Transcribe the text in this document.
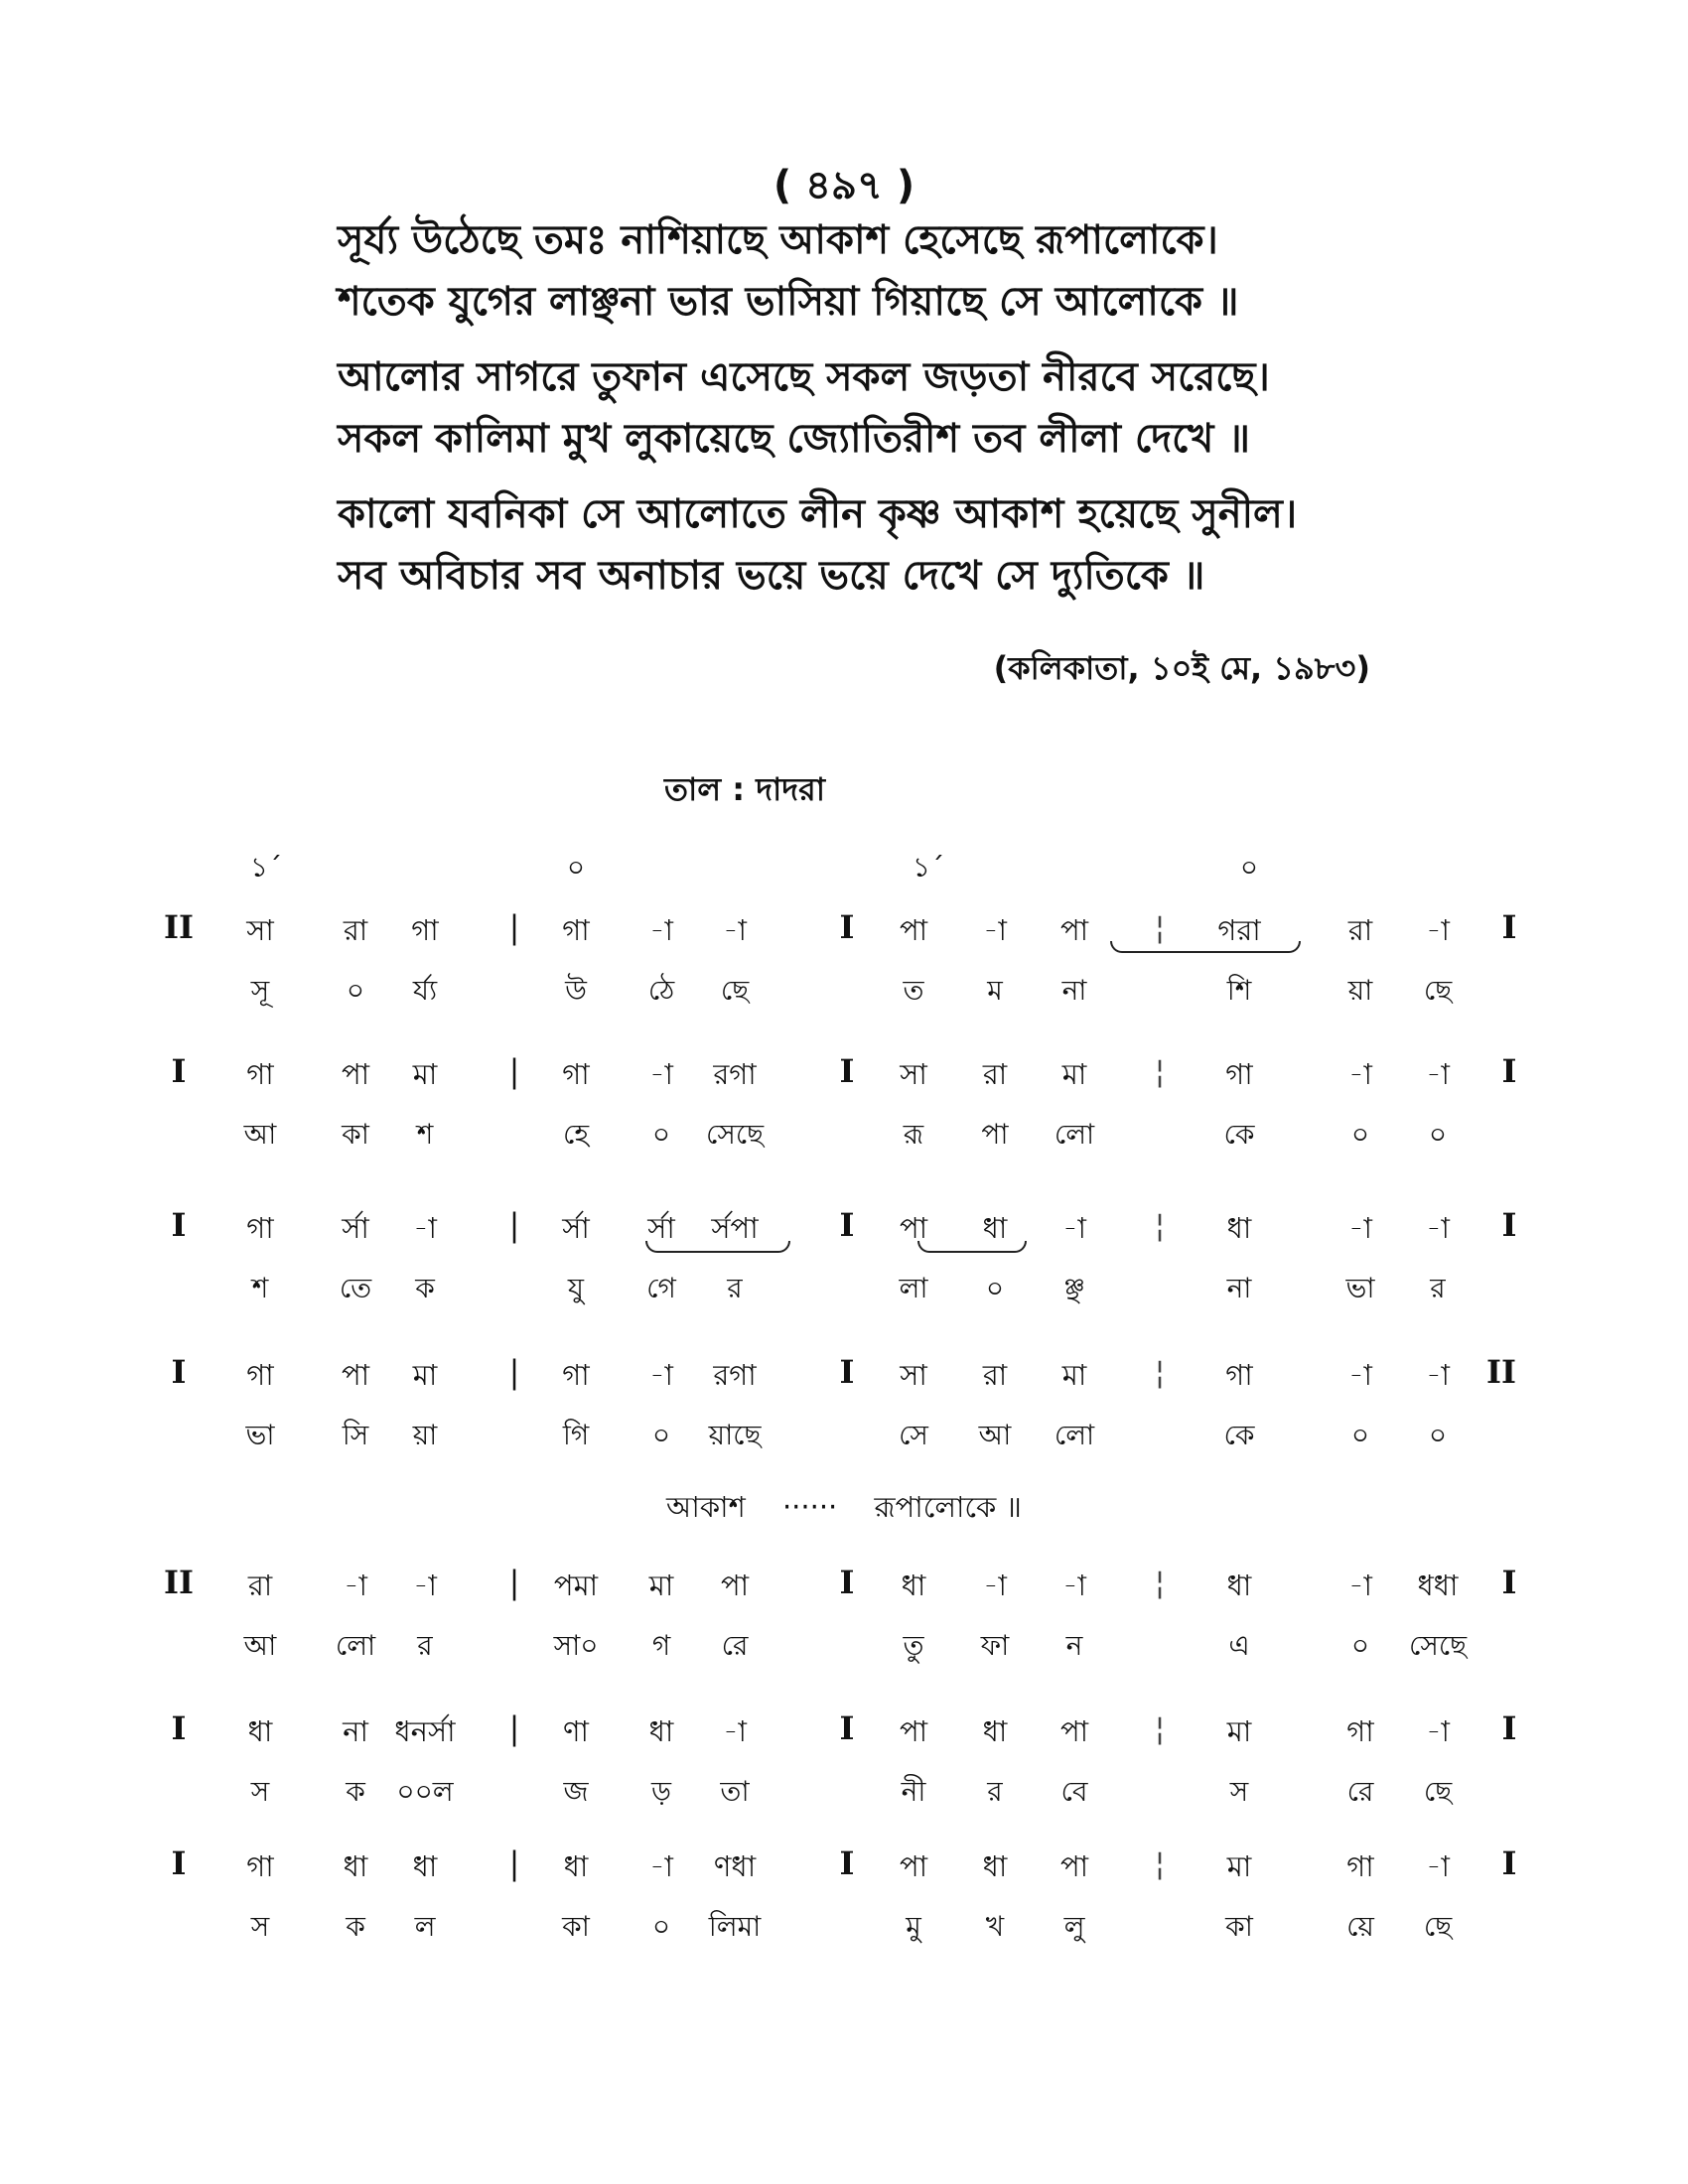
( ৪৯৭ )
সূর্য্য উঠেছে তমঃ নাশিয়াছে আকাশ হেসেছে রূপালোকে।
শতেক যুগের লাঞ্ছনা ভার ভাসিয়া গিয়াছে সে আলোকে ॥
আলোর সাগরে তুফান এসেছে সকল জড়তা নীরবে সরেছে।
সকল কালিমা মুখ লুকায়েছে জ্যোতিরীশ তব লীলা দেখে ॥
কালো যবনিকা সে আলোতে লীন কৃষ্ণ আকাশ হয়েছে সুনীল।
সব অবিচার সব অনাচার ভয়ে ভয়ে দেখে সে দ্যুতিকে ॥
(কলিকাতা, ১০ই মে, ১৯৮৩)
তাল : দাদরা
১´	০	১´	০
II	|	I	¦	I
সা রা গা	গা -া -া	পা -া পা	গরা	রা -া
সূ	০ র্য্য	উ ঠে ছে	ত ম না	শি	য়া ছে
I	|	I	¦	I
গা পা মা	গা -া রগা	সা রা মা	গা	-া -া
আ কা শ	হে ০ সেছে	রূ পা লো	কে	০ ০
I	|	I	¦	I
গা র্সা -া	র্সা র্সা র্সপা	পা ধা -া	ধা	-া -া
শ	তে ক	যু গে র	লা ০ ঞ্ছ	না	ভা র
I	|	I	¦	II
গা পা মা	গা -া রগা	সা রা মা	গা	-া -া
ভা সি য়া	গি ০ য়াছে	সে আ লো	কে	০ ০
II	|	I	¦	I
রা -া -া	পমা মা পা	ধা -া -া	ধা	-া ধধা
আ লো র	সা০ গ রে	তু ফা ন	এ	০ সেছে
I	|	I	¦	I
ধা না ধনর্সা	ণা ধা -া	পা ধা পা	মা	গা -া
স	ক ০০ল	জ ড় তা	নী র বে	স	রে ছে
I	|	I	¦	I
গা ধা ধা	ধা -া ণধা	পা ধা পা	মা	গা -া
স	ক ল	কা ০ লিমা	মু খ লু	কা	য়ে ছে
আকাশ ······ রূপালোকে ॥
